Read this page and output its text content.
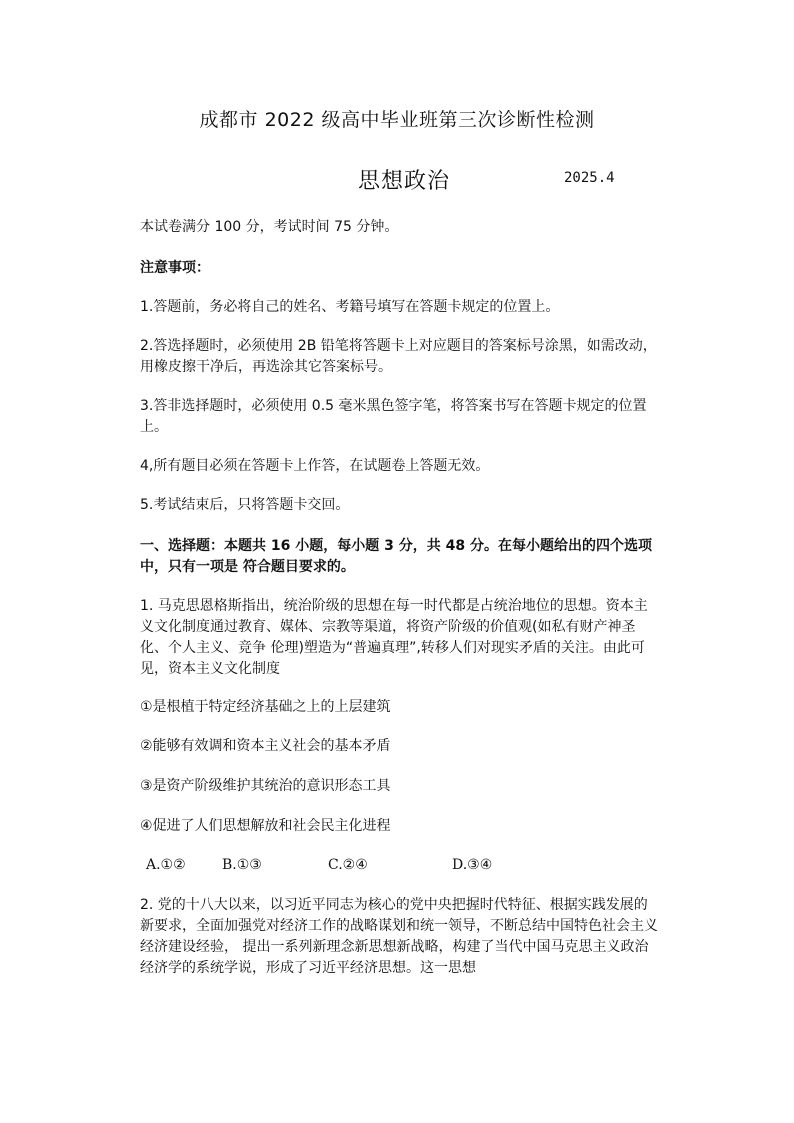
成都市 2022 级高中毕业班第三次诊断性检测
思想政治	2025.4

本试卷满分 100 分，考试时间 75 分钟。

注意事项：

1.答题前，务必将自己的姓名、考籍号填写在答题卡规定的位置上。

2.答选择题时，必须使用 2B 铅笔将答题卡上对应题目的答案标号涂黑，如需改动，用橡皮擦干净后，再选涂其它答案标号。

3.答非选择题时，必须使用 0.5 毫米黑色签字笔，将答案书写在答题卡规定的位置上。

4,所有题目必须在答题卡上作答，在试题卷上答题无效。

5.考试结束后，只将答题卡交回。

一、选择题：本题共 16 小题，每小题 3 分，共 48 分。在每小题给出的四个选项中，只有一项是 符合题目要求的。

1. 马克思恩格斯指出，统治阶级的思想在每一时代都是占统治地位的思想。资本主义文化制度通过教育、媒体、宗教等渠道，将资产阶级的价值观(如私有财产神圣化、个人主义、竞争 伦理)塑造为“普遍真理”,转移人们对现实矛盾的关注。由此可见，资本主义文化制度

①是根植于特定经济基础之上的上层建筑

②能够有效调和资本主义社会的基本矛盾

③是资产阶级维护其统治的意识形态工具

④促进了人们思想解放和社会民主化进程

A.①②	B.①③	C.②④	D.③④

2. 党的十八大以来，以习近平同志为核心的党中央把握时代特征、根据实践发展的新要求，全面加强党对经济工作的战略谋划和统一领导，不断总结中国特色社会主义经济建设经验， 提出一系列新理念新思想新战略，构建了当代中国马克思主义政治经济学的系统学说，形成了习近平经济思想。这一思想
